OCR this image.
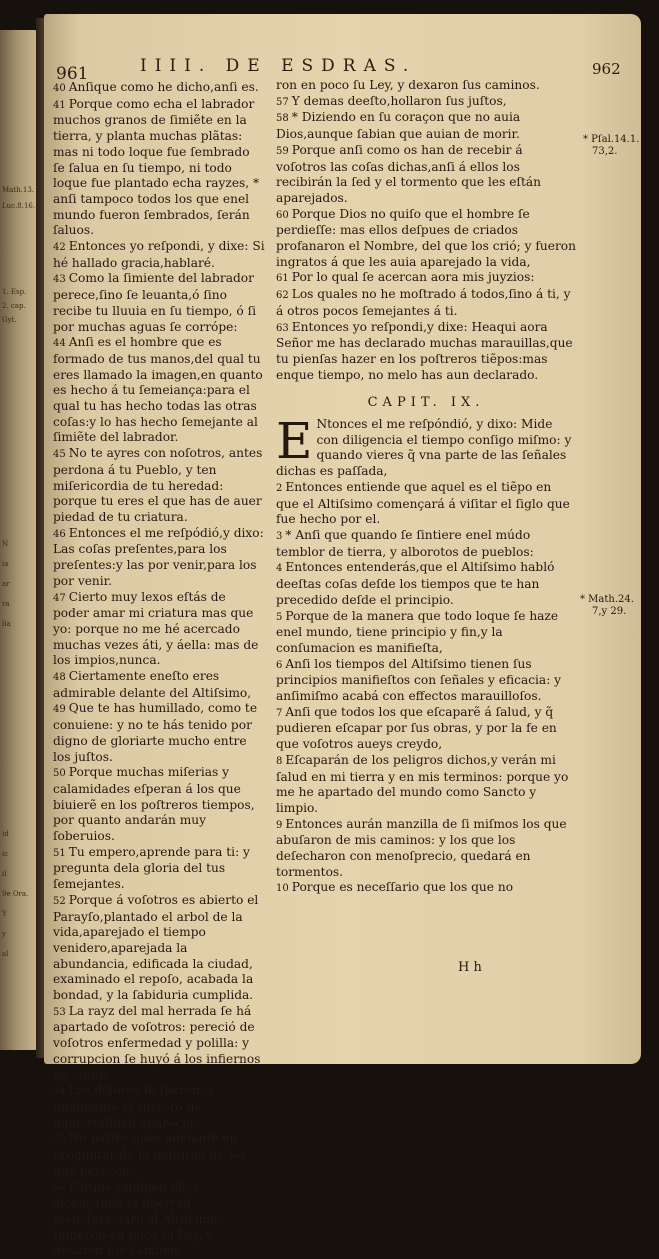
Math.13.
Luc.8.16.
1. Esp.
2. cap.
Gyt.
N
ia
ar
ra
lia
id
ic
il
9e Ora.
Y
y
al
961	IIII. DE ESDRAS.	962

40 Anſique como he dicho,anſi es.

41 Porque como echa el labrador muchos granos de ſimiẽte en la tierra, y planta muchas plãtas: mas ni todo loque fue ſembrado ſe ſalua en ſu tiempo, ni todo loque fue plantado echa rayzes, * anſi tampoco todos los que enel mundo fueron ſembrados, ſerán ſaluos.

42 Entonces yo reſpondi, y dixe: Si hé hallado gracia,hablaré.

43 Como la ſimiente del labrador perece,ſino ſe leuanta,ó ſino recibe tu lluuia en ſu tiempo, ó ſi por muchas aguas ſe corrópe:

44 Anſi es el hombre que es formado de tus manos,del qual tu eres llamado la imagen,en quanto es hecho á tu ſemeiança:para el qual tu has hecho todas las otras coſas:y lo has hecho ſemejante al ſimiẽte del labrador.

45 No te ayres con noſotros, antes perdona á tu Pueblo, y ten miſericordia de tu heredad: porque tu eres el que has de auer piedad de tu criatura.

46 Entonces el me reſpódió,y dixo: Las coſas preſentes,para los preſentes:y las por venir,para los por venir.

47 Cierto muy lexos eſtás de poder amar mi criatura mas que yo: porque no me hé acercado muchas vezes áti, y áella: mas de los impios,nunca.

48 Ciertamente eneſto eres admirable delante del Altiſsimo,

49 Que te has humillado, como te conuiene: y no te hás tenido por digno de gloriarte mucho entre los juſtos.

50 Porque muchas miſerias y calamidades eſperan á los que biuierẽ en los poſtreros tiempos, por quanto andarán muy ſoberuios.

51 Tu empero,aprende para ti: y pregunta dela gloria del tus ſemejantes.

52 Porque á voſotros es abierto el Parayſo,plantado el arbol de la vida,aparejado el tiempo venidero,aparejada la abundancia, edificada la ciudad, examinado el repoſo, acabada la bondad, y la ſabiduria cumplida.

53 La rayz del mal herrada ſe há apartado de voſotros: pereció de voſotros enfermedad y polilla: y corrupcion ſe huyó á los infiernos en oluido.

54 Los dolores ſe fueron, y finalmente el theſoro de immortalidad apareció.

55 No paſſes pues adelante en preguntar de la multitud de los que perecen:

56 Porque tambien ellos alcançando la libertad menoſpreciaró al Altiſsimo, tuuieron en poco ſu Ley, y dexaron ſus caminos.

ron en poco ſu Ley, y dexaron ſus caminos.

57 Y demas deeſto,hollaron ſus juſtos,

58 * Diziendo en ſu coraçon que no auia Dios,aunque ſabian que auian de morir.

59 Porque anſi como os han de recebir á voſotros las coſas dichas,anſi á ellos los recibirán la ſed y el tormento que les eſtán aparejados.

60 Porque Dios no quiſo que el hombre ſe perdieſſe: mas ellos deſpues de criados profanaron el Nombre, del que los crió; y fueron ingratos á que les auia aparejado la vida,

61 Por lo qual ſe acercan aora mis juyzios:

62 Los quales no he moſtrado á todos,ſino á ti, y á otros pocos ſemejantes á ti.

63 Entonces yo reſpondi,y dixe: Heaqui aora Señor me has declarado muchas marauillas,que tu pienſas hazer en los poſtreros tiẽpos:mas enque tiempo, no melo has aun declarado.

CAPIT. IX.

E Ntonces el me reſpóndió, y dixo: Mide con diligencia el tiempo conſigo miſmo: y quando vieres q̃ vna parte de las ſeñales dichas es paſſada,

2 Entonces entiende que aquel es el tiẽpo en que el Altiſsimo començará á viſitar el ſiglo que fue hecho por el.

3 * Anſi que quando ſe ſintiere enel múdo temblor de tierra, y alborotos de pueblos:

4 Entonces entenderás,que el Altiſsimo habló deeſtas coſas deſde los tiempos que te han precedido deſde el principio.

5 Porque de la manera que todo loque ſe haze enel mundo, tiene principio y fin,y la conſumacion es manifieſta,

6 Anſi los tiempos del Altiſsimo tienen ſus principios manifieſtos con ſeñales y eficacia: y anſimiſmo acabá con effectos marauilloſos.

7 Anſi que todos los que eſcaparẽ á ſalud, y q̃ pudieren eſcapar por ſus obras, y por la fe en que voſotros aueys creydo,

8 Eſcaparán de los peligros dichos,y verán mi ſalud en mi tierra y en mis terminos: porque yo me he apartado del mundo como Sancto y limpio.

9 Entonces aurán manzilla de ſi miſmos los que abuſaron de mis caminos: y los que los deſecharon con menoſprecio, quedará en tormentos.

10 Porque es neceſſario que los que no

* Pſal.14.1.
73,2.
* Math.24.
7,y 29.
H h
